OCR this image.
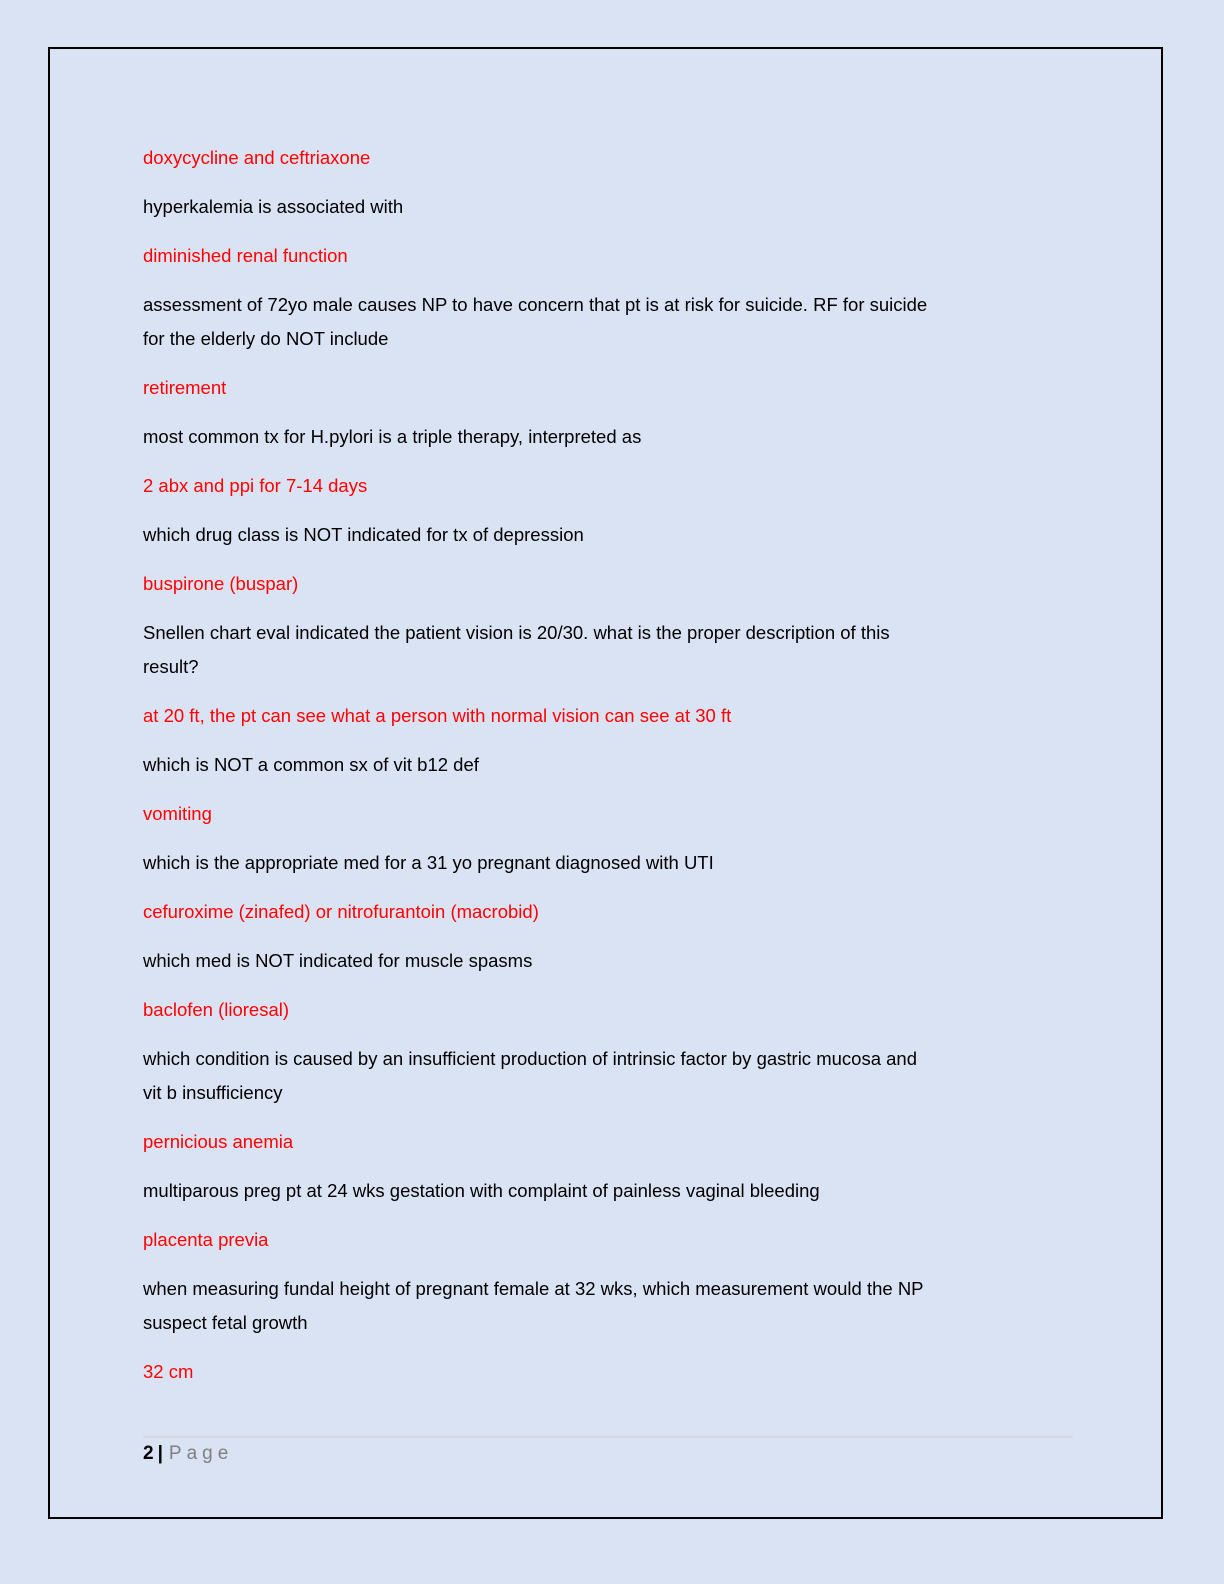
doxycycline and ceftriaxone
hyperkalemia is associated with
diminished renal function
assessment of 72yo male causes NP to have concern that pt is at risk for suicide. RF for suicide
for the elderly do NOT include
retirement
most common tx for H.pylori is a triple therapy, interpreted as
2 abx and ppi for 7-14 days
which drug class is NOT indicated for tx of depression
buspirone (buspar)
Snellen chart eval indicated the patient vision is 20/30. what is the proper description of this
result?
at 20 ft, the pt can see what a person with normal vision can see at 30 ft
which is NOT a common sx of vit b12 def
vomiting
which is the appropriate med for a 31 yo pregnant diagnosed with UTI
cefuroxime (zinafed) or nitrofurantoin (macrobid)
which med is NOT indicated for muscle spasms
baclofen (lioresal)
which condition is caused by an insufficient production of intrinsic factor by gastric mucosa and
vit b insufficiency
pernicious anemia
multiparous preg pt at 24 wks gestation with complaint of painless vaginal bleeding
placenta previa
when measuring fundal height of pregnant female at 32 wks, which measurement would the NP
suspect fetal growth
32 cm
2 | Page
